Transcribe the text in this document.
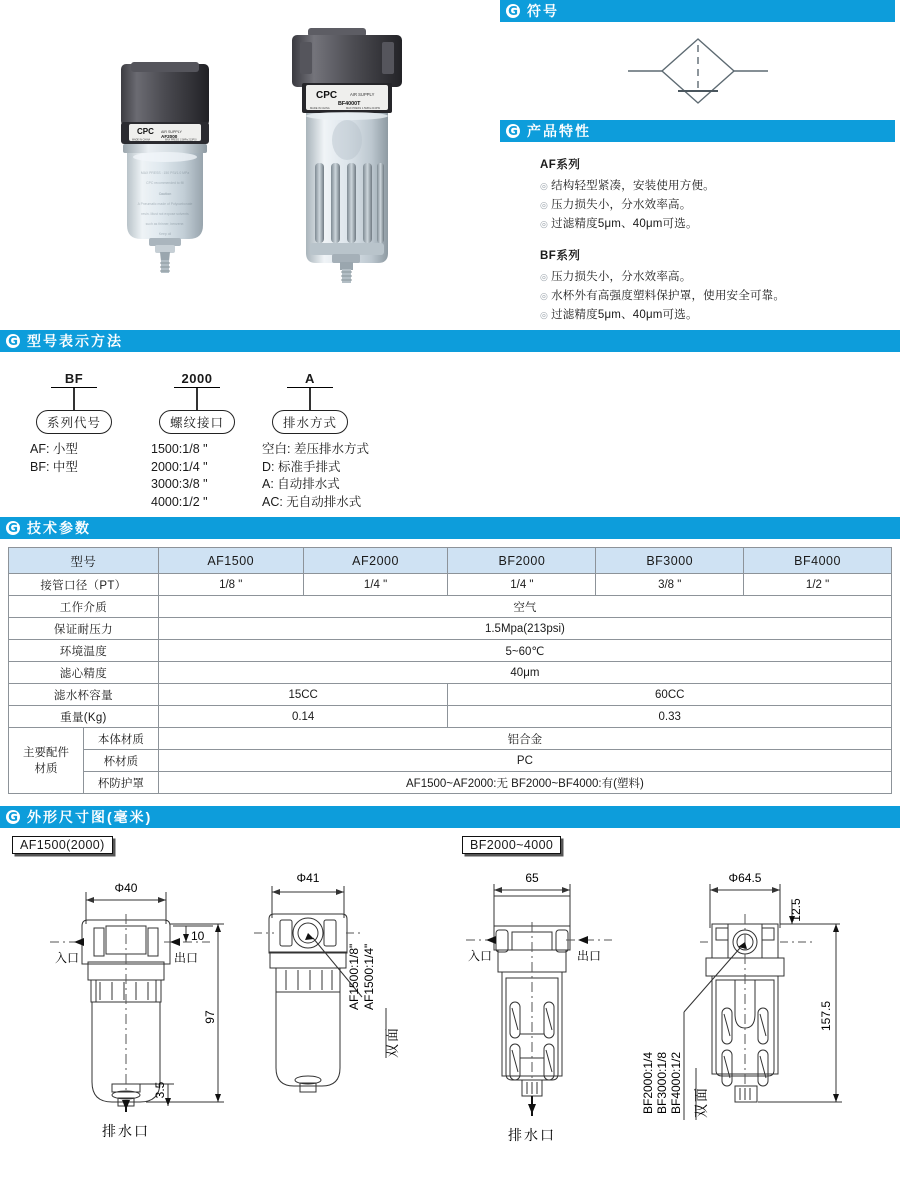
CPC AIR SUPPLY
AF2000
MADE IN CHINA	MAX PRESS 1.5MPa 213PSI
MAX PRESS : 150 PSI/1.0 MPa
CPC recommended to fill
Caution
A Pneumatic made of Polycarbonate
resin. Must not expose solvents
such as thinner, benzene.
Keep oil
CPC	AIR SUPPLY
BF4000T
MADE IN CHINA	MAX PRESS 1.5MPa 213PSI
G 符号
G 产品特性
AF系列
◎ 结构轻型紧凑，安装使用方便。
◎ 压力损失小，分水效率高。
◎ 过滤精度5μm、40μm可选。
BF系列
◎ 压力损失小，分水效率高。
◎ 水杯外有高强度塑料保护罩，使用安全可靠。
◎ 过滤精度5μm、40μm可选。
G 型号表示方法
BF
系列代号
AF: 小型
BF: 中型
2000
螺纹接口
1500:1/8 "
2000:1/4 "
3000:3/8 "
4000:1/2 "
A
排水方式
空白: 差压排水方式
D: 标准手排式
A: 自动排水式
AC: 无自动排水式
G 技术参数
型号		AF1500	AF2000	BF2000	BF3000	BF4000
接管口径（PT）		1/8 "	1/4 "	1/4 "	3/8 "	1/2 "
工作介质		空气				
保证耐压力		1.5Mpa(213psi)				
环境温度		5~60℃				
滤心精度		40μm				
滤水杯容量		15CC		60CC		
重量(Kg)		0.14		0.33		
主要配件
材质	本体材质	铝合金				
	杯材质	PC				
	杯防护罩	AF1500~AF2000:无 BF2000~BF4000:有(塑料)				
G 外形尺寸图(毫米)
AF1500(2000)	BF2000~4000
Φ40
10
入口	出口
97
3.5
排水口
Φ41
AF1500:1/8" AF1500:1/4"
双面
65
入口	出口
排水口
Φ64.5
12.5
157.5
BF2000:1/4 BF3000:1/8 BF4000:1/2 双面
